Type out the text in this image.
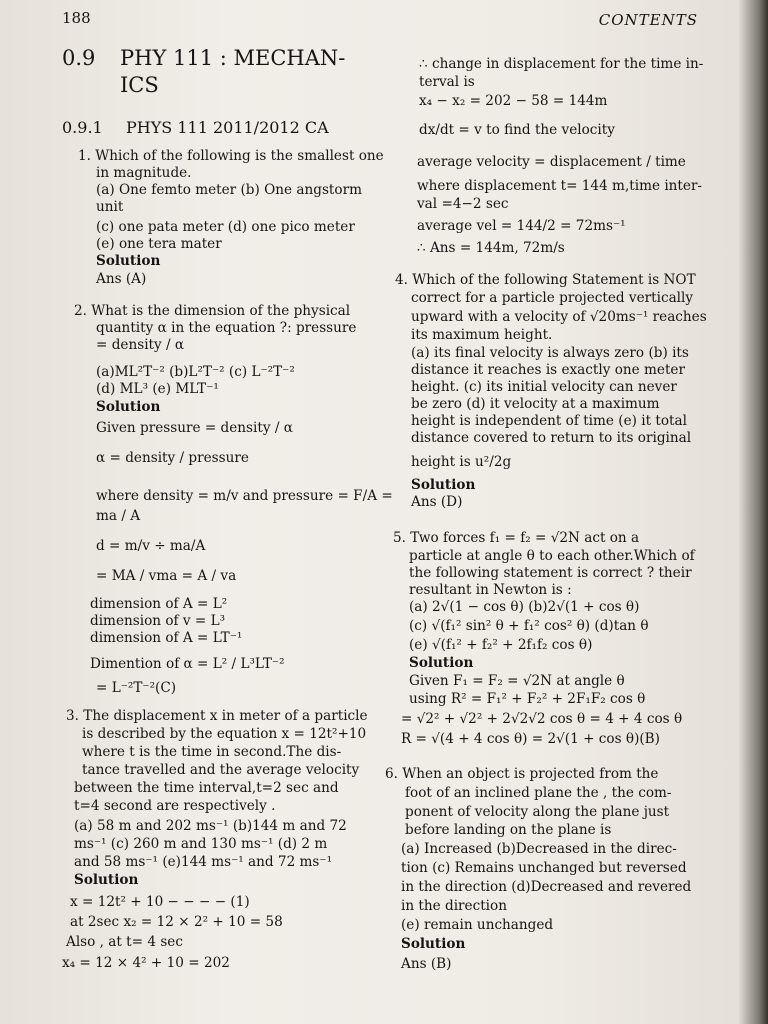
188	CONTENTS
0.9 PHY 111 : MECHAN-
ICS
0.9.1 PHYS 111 2011/2012 CA
1. Which of the following is the smallest one
in magnitude.
(a) One femto meter (b) One angstorm
unit
(c) one pata meter (d) one pico meter
(e) one tera mater
Solution
Ans (A)
2. What is the dimension of the physical
quantity α in the equation ?: pressure
= density / α
(a)ML²T⁻² (b)L²T⁻² (c) L⁻²T⁻²
(d) ML³ (e) MLT⁻¹
Solution
Given pressure = density / α
α = density / pressure
where density = m/v and pressure = F/A =
ma / A
d = m/v ÷ ma/A
= MA / vma = A / va
dimension of A = L²
dimension of v = L³
dimension of A = LT⁻¹
Dimention of α = L² / L³LT⁻²
= L⁻²T⁻²(C)
3. The displacement x in meter of a particle
is described by the equation x = 12t²+10
where t is the tіme in second.The dis-
tance travelled and the average velocity
between the time interval,t=2 sec and
t=4 second are respectively .
(a) 58 m and 202 ms⁻¹ (b)144 m and 72
ms⁻¹ (c) 260 m and 130 ms⁻¹ (d) 2 m
and 58 ms⁻¹ (e)144 ms⁻¹ and 72 ms⁻¹
Solution
x = 12t² + 10 − − − − (1)
at 2sec x₂ = 12 × 2² + 10 = 58
Also , at t= 4 sec
x₄ = 12 × 4² + 10 = 202
∴ change in displacement for the time in-
terval is
x₄ − x₂ = 202 − 58 = 144m
dx/dt = v to find the velocity
average velocity = displacement / time
where displacement t= 144 m,time inter-
val =4−2 sec
average vel = 144/2 = 72ms⁻¹
∴ Ans = 144m, 72m/s
4. Which of the following Statement is NOT
correct for a particle projected vertically
upward with a velocity of √20ms⁻¹ reaches
its maximum height.
(a) its final velocity is always zero (b) its
distance it reaches is exactly one meter
height. (c) its initial velocity can never
be zero (d) it velocity at a maximum
height is independent of time (e) it total
distance covered to return to its original
height is u²/2g
Solution
Ans (D)
5. Two forces f₁ = f₂ = √2N act on a
particle at angle θ to each other.Which of
the following statement is correct ? their
resultant in Newton is :
(a) 2√(1 − cos θ) (b)2√(1 + cos θ)
(c) √(f₁² sin² θ + f₁² cos² θ) (d)tan θ
(e) √(f₁² + f₂² + 2f₁f₂ cos θ)
Solution
Given F₁ = F₂ = √2N at angle θ
using R² = F₁² + F₂² + 2F₁F₂ cos θ
= √2² + √2² + 2√2√2 cos θ = 4 + 4 cos θ
R = √(4 + 4 cos θ) = 2√(1 + cos θ)(B)
6. When an object is projected from the
foot of an inclined plane the , the com-
ponent of velocity along the plane just
before landing on the plane is
(a) Increased (b)Decreased in the direc-
tion (c) Remains unchanged but reversed
in the direction (d)Decreased and revered
in the direction
(e) remain unchanged
Solution
Ans (B)
